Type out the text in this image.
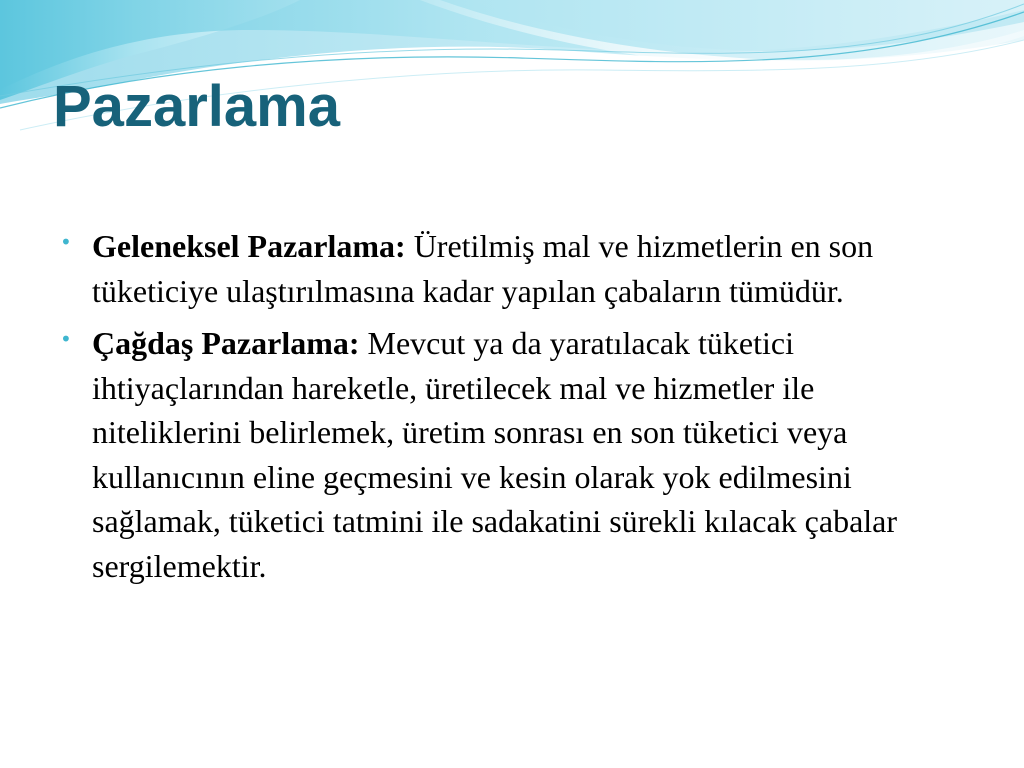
Pazarlama
• Geleneksel Pazarlama: Üretilmiş mal ve hizmetlerin en son tüketiciye ulaştırılmasına kadar yapılan çabaların tümüdür.
• Çağdaş Pazarlama: Mevcut ya da yaratılacak tüketici ihtiyaçlarından hareketle, üretilecek mal ve hizmetler ile niteliklerini belirlemek, üretim sonrası en son tüketici veya kullanıcının eline geçmesini ve kesin olarak yok edilmesini sağlamak, tüketici tatmini ile sadakatini sürekli kılacak çabalar sergilemektir.
